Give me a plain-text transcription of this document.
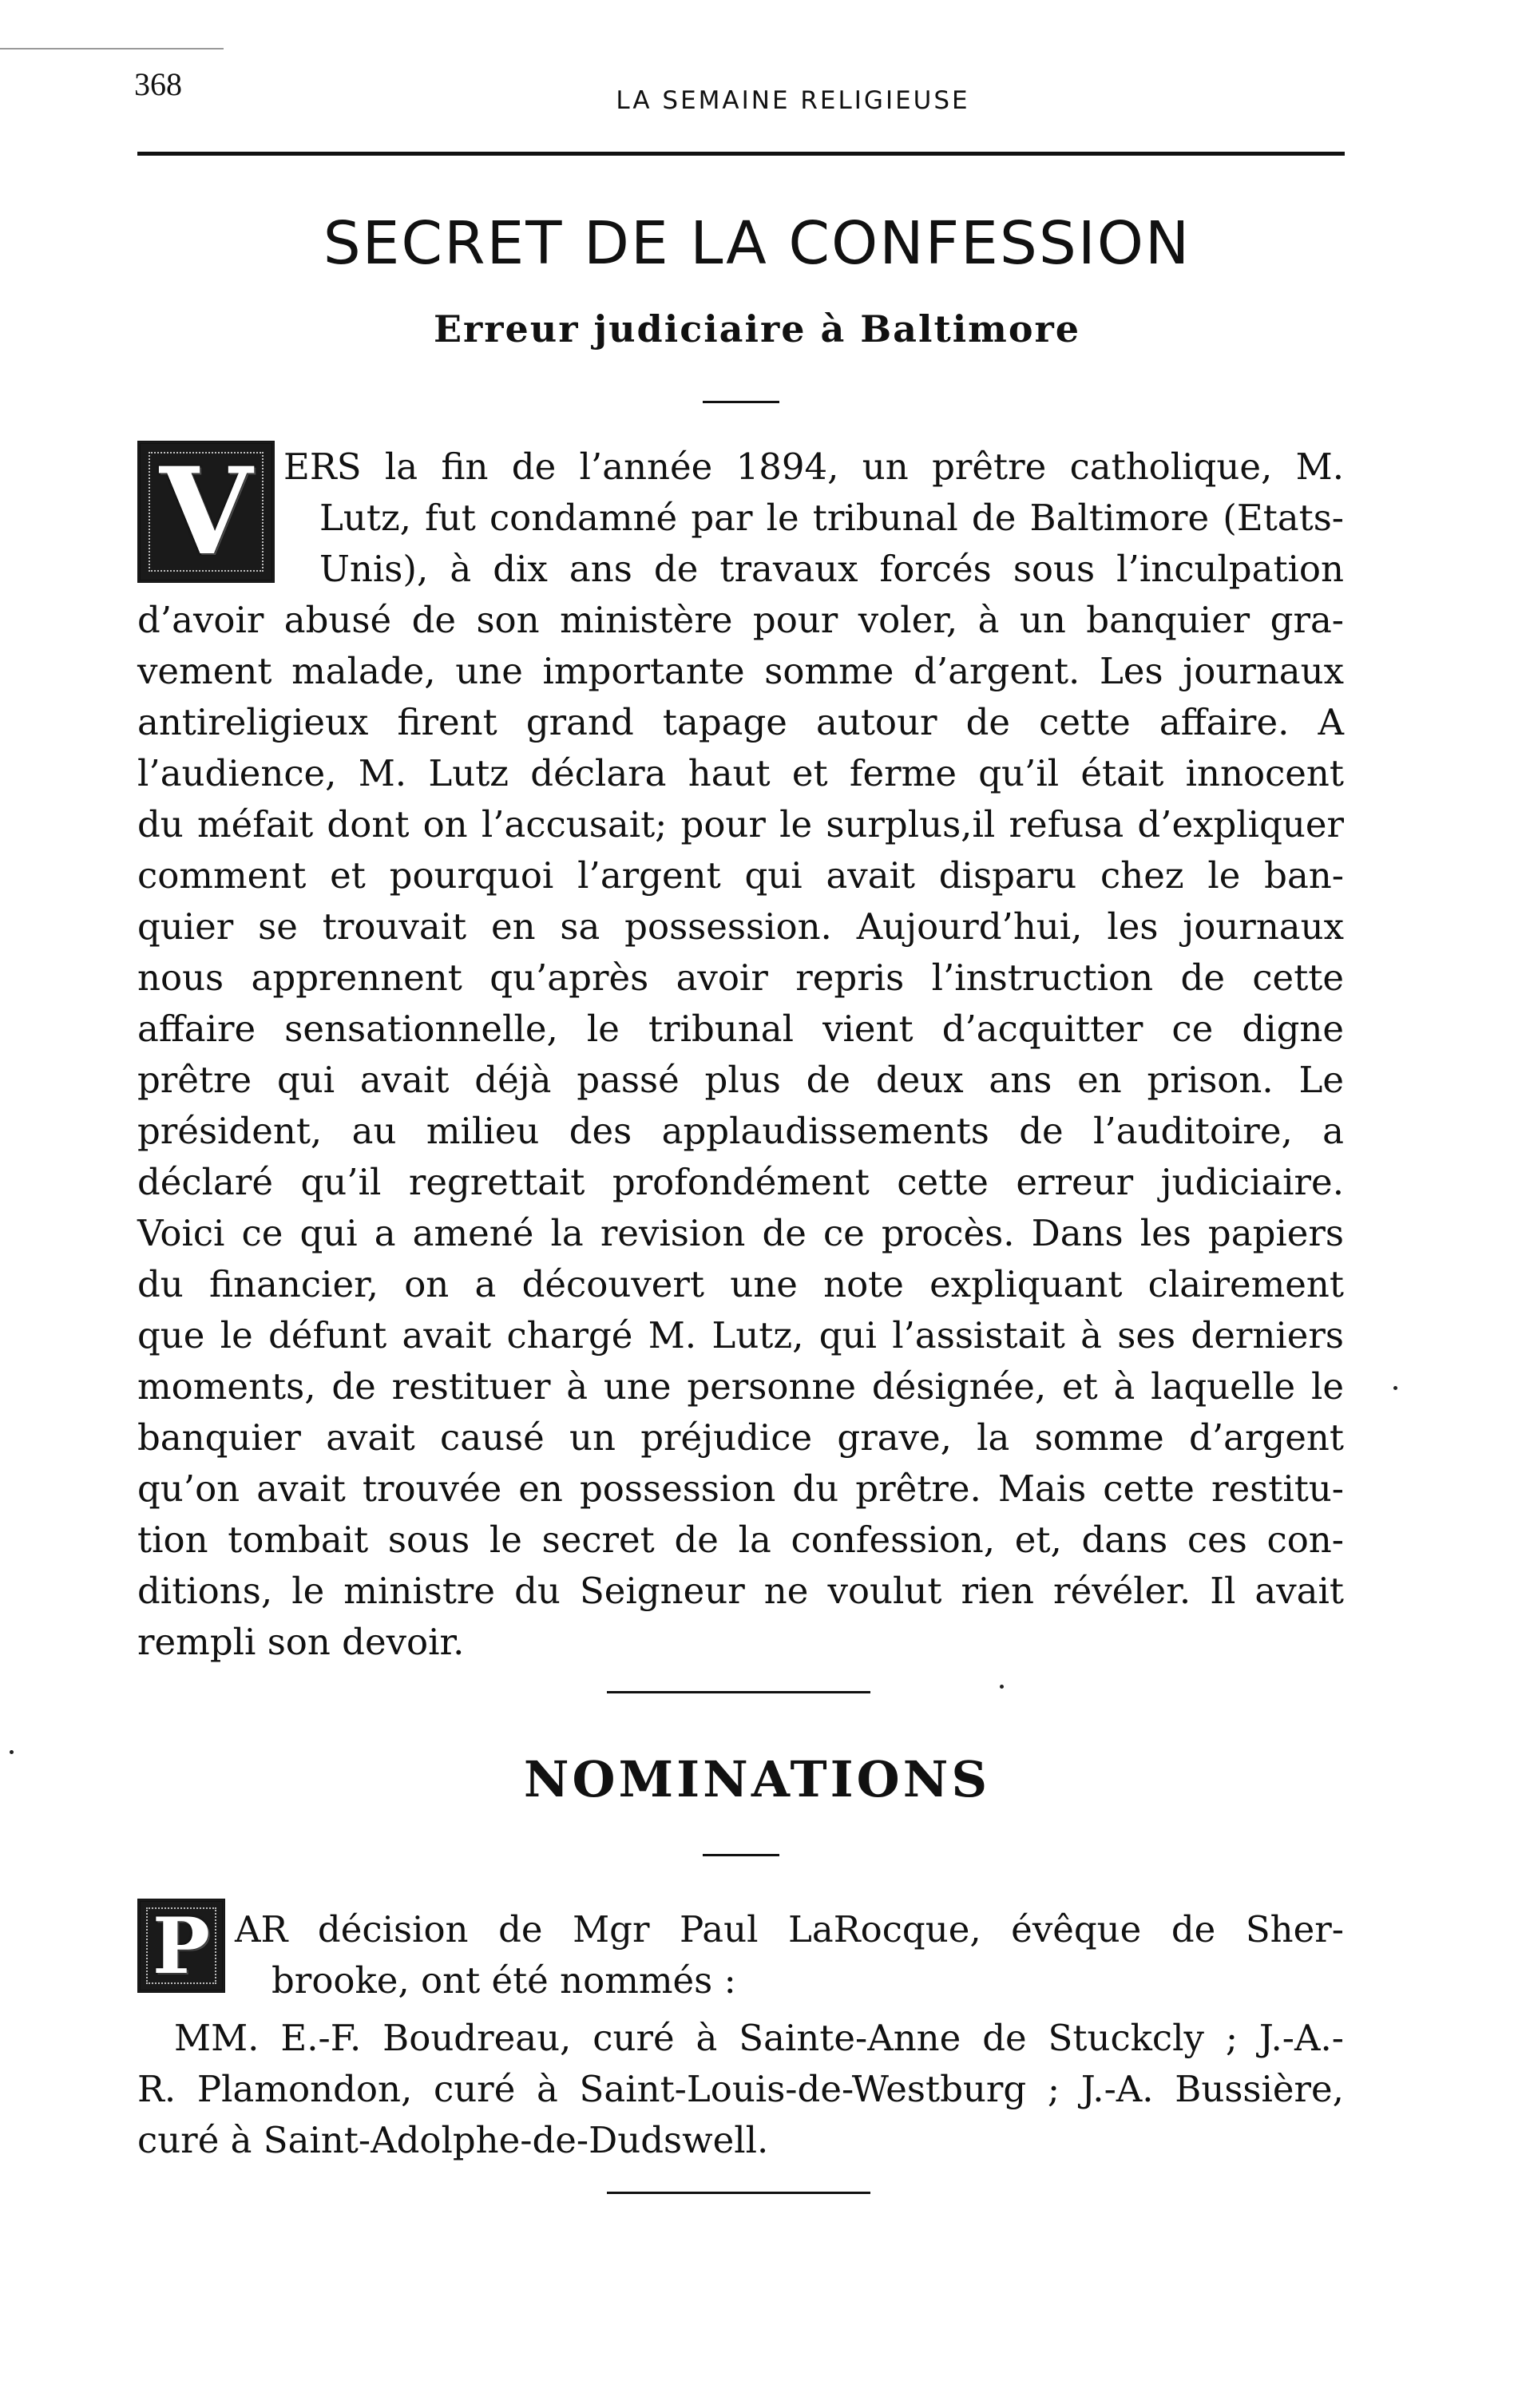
368	LA SEMAINE RELIGIEUSE
SECRET DE LA CONFESSION
Erreur judiciaire à Baltimore
V ERS la fin de l’année 1894, un prêtre catholique, M.
Lutz, fut condamné par le tribunal de Baltimore (Etats-
Unis), à dix ans de travaux forcés sous l’inculpation
d’avoir abusé de son ministère pour voler, à un banquier gra-
vement malade, une importante somme d’argent. Les journaux
antireligieux firent grand tapage autour de cette affaire. A
l’audience, M. Lutz déclara haut et ferme qu’il était innocent
du méfait dont on l’accusait; pour le surplus,il refusa d’expliquer
comment et pourquoi l’argent qui avait disparu chez le ban-
quier se trouvait en sa possession. Aujourd’hui, les journaux
nous apprennent qu’après avoir repris l’instruction de cette
affaire sensationnelle, le tribunal vient d’acquitter ce digne
prêtre qui avait déjà passé plus de deux ans en prison. Le
président, au milieu des applaudissements de l’auditoire, a
déclaré qu’il regrettait profondément cette erreur judiciaire.
Voici ce qui a amené la revision de ce procès. Dans les papiers
du financier, on a découvert une note expliquant clairement
que le défunt avait chargé M. Lutz, qui l’assistait à ses derniers
moments, de restituer à une personne désignée, et à laquelle le
banquier avait causé un préjudice grave, la somme d’argent
qu’on avait trouvée en possession du prêtre. Mais cette restitu-
tion tombait sous le secret de la confession, et, dans ces con-
ditions, le ministre du Seigneur ne voulut rien révéler. Il avait
rempli son devoir.
NOMINATIONS
P AR décision de Mgr Paul LaRocque, évêque de Sher-
brooke, ont été nommés :
MM. E.-F. Boudreau, curé à Sainte-Anne de Stuckcly ; J.-A.-
R. Plamondon, curé à Saint-Louis-de-Westburg ; J.-A. Bussière,
curé à Saint-Adolphe-de-Dudswell.
